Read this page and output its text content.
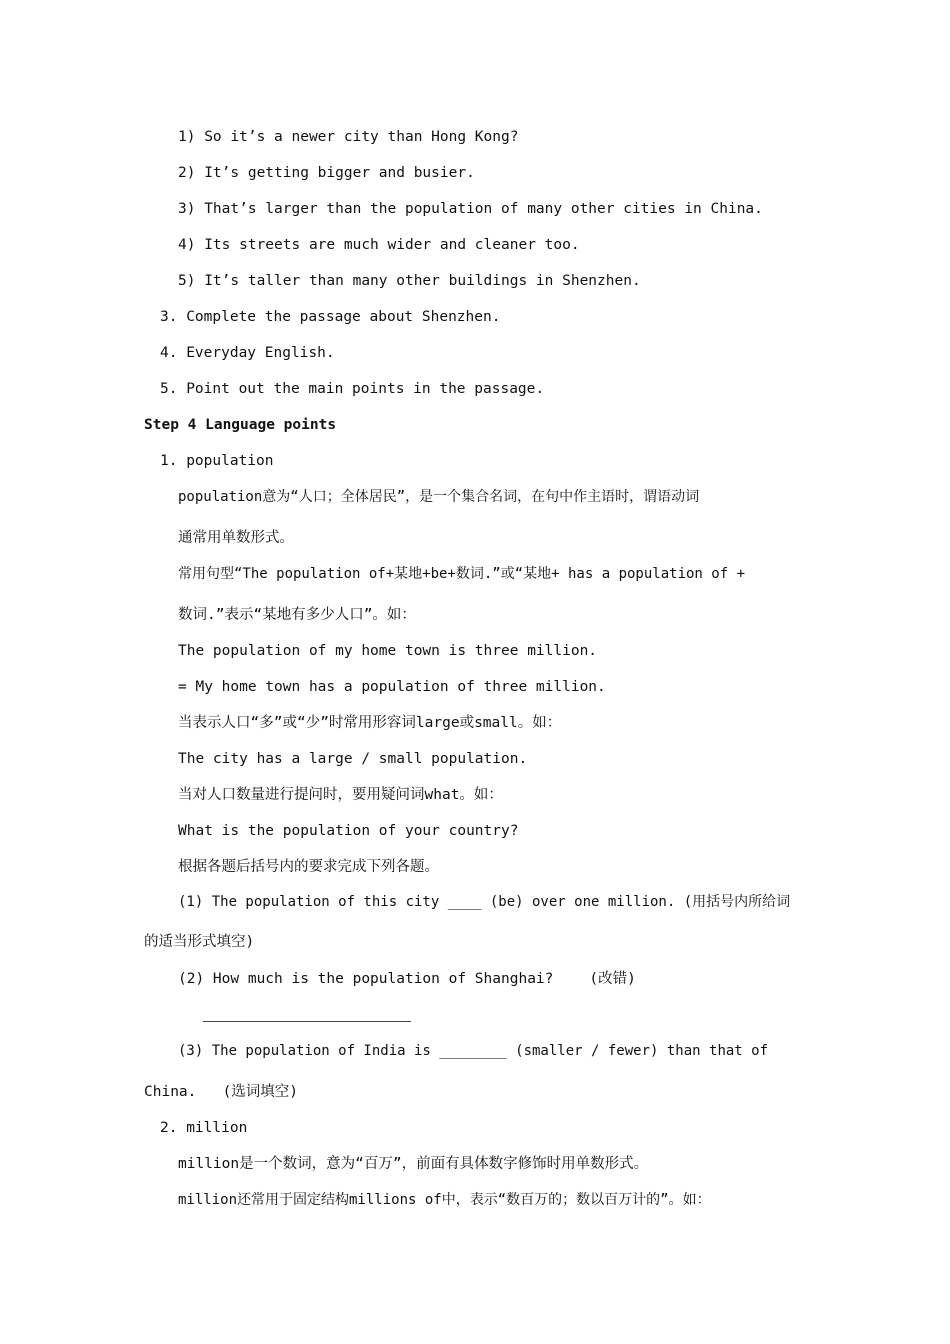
1) So it’s a newer city than Hong Kong?
2) It’s getting bigger and busier.
3) That’s larger than the population of many other cities in China.
4) Its streets are much wider and cleaner too.
5) It’s taller than many other buildings in Shenzhen.
3. Complete the passage about Shenzhen.
4. Everyday English.
5. Point out the main points in the passage.
Step 4 Language points
1. population
population意为“人口；全体居民”，是一个集合名词，在句中作主语时，谓语动词
通常用单数形式。
常用句型“The population of+某地+be+数词.”或“某地+ has a population of +
数词.”表示“某地有多少人口”。如：
The population of my home town is three million.
= My home town has a population of three million.
当表示人口“多”或“少”时常用形容词large或small。如：
The city has a large / small population.
当对人口数量进行提问时，要用疑问词what。如：
What is the population of your country?
根据各题后括号内的要求完成下列各题。
(1) The population of this city ____ (be) over one million. (用括号内所给词
的适当形式填空)
(2) How much is the population of Shanghai? (改错)
(3) The population of India is ________ (smaller / fewer) than that of
China.   (选词填空)
2. million
million是一个数词，意为“百万”，前面有具体数字修饰时用单数形式。
million还常用于固定结构millions of中，表示“数百万的；数以百万计的”。如：
